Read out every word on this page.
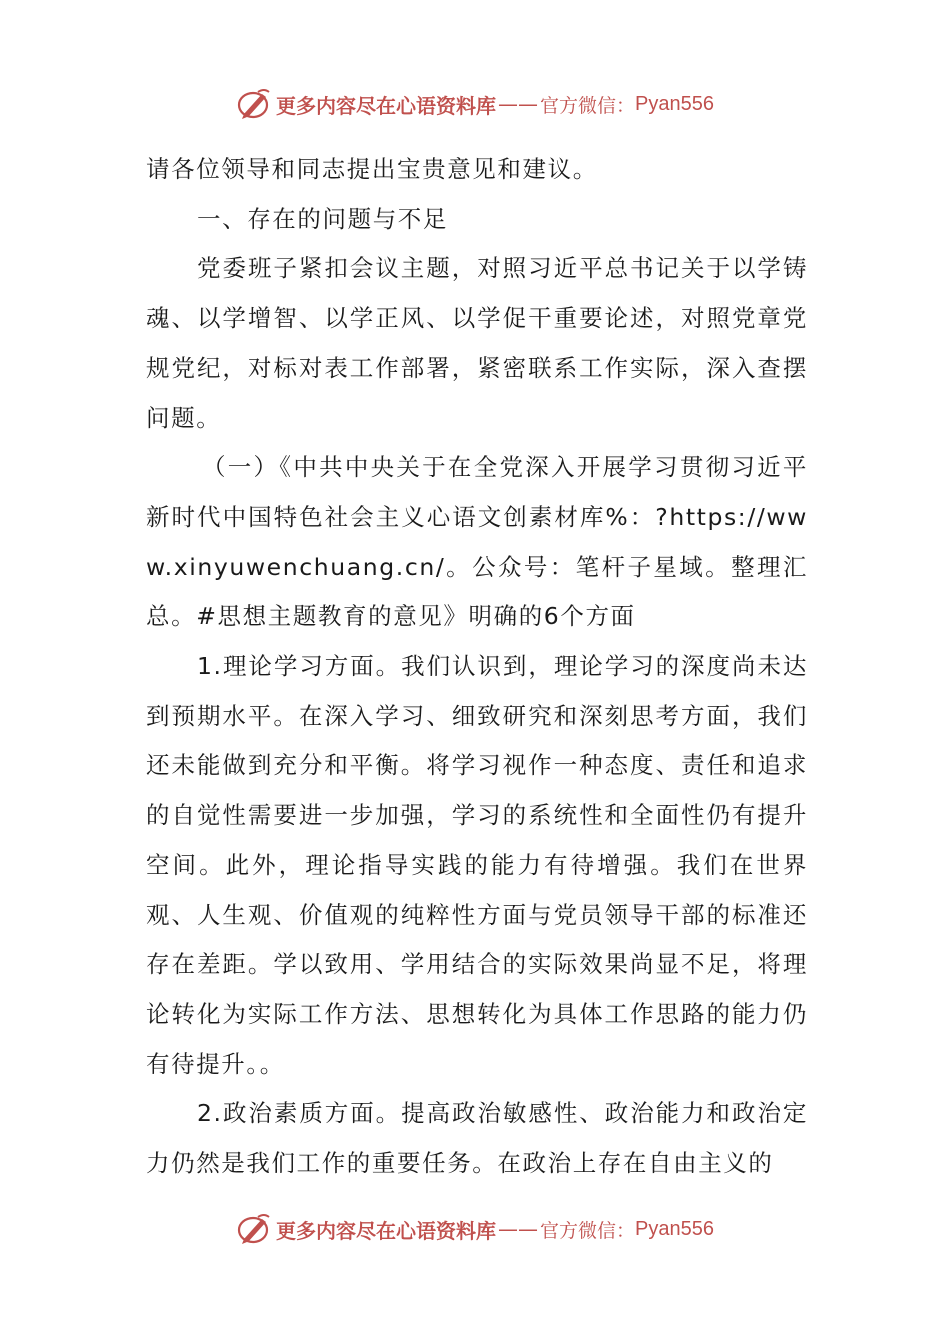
更多内容尽在心语资料库 —— 官方微信： Pyan556

请各位领导和同志提出宝贵意见和建议。

一、存在的问题与不足

党委班子紧扣会议主题，对照习近平总书记关于以学铸魂、以学增智、以学正风、以学促干重要论述，对照党章党规党纪，对标对表工作部署，紧密联系工作实际，深入查摆问题。

（一）《中共中央关于在全党深入开展学习贯彻习近平新时代中国特色社会主义心语文创素材库%：?https://www.xinyuwenchuang.cn/。公众号：笔杆子星域。整理汇总。#思想主题教育的意见》明确的6个方面

1.理论学习方面。我们认识到，理论学习的深度尚未达到预期水平。在深入学习、细致研究和深刻思考方面，我们还未能做到充分和平衡。将学习视作一种态度、责任和追求的自觉性需要进一步加强，学习的系统性和全面性仍有提升空间。此外，理论指导实践的能力有待增强。我们在世界观、人生观、价值观的纯粹性方面与党员领导干部的标准还存在差距。学以致用、学用结合的实际效果尚显不足，将理论转化为实际工作方法、思想转化为具体工作思路的能力仍有待提升。。

2.政治素质方面。提高政治敏感性、政治能力和政治定力仍然是我们工作的重要任务。在政治上存在自由主义的

更多内容尽在心语资料库 —— 官方微信： Pyan556
